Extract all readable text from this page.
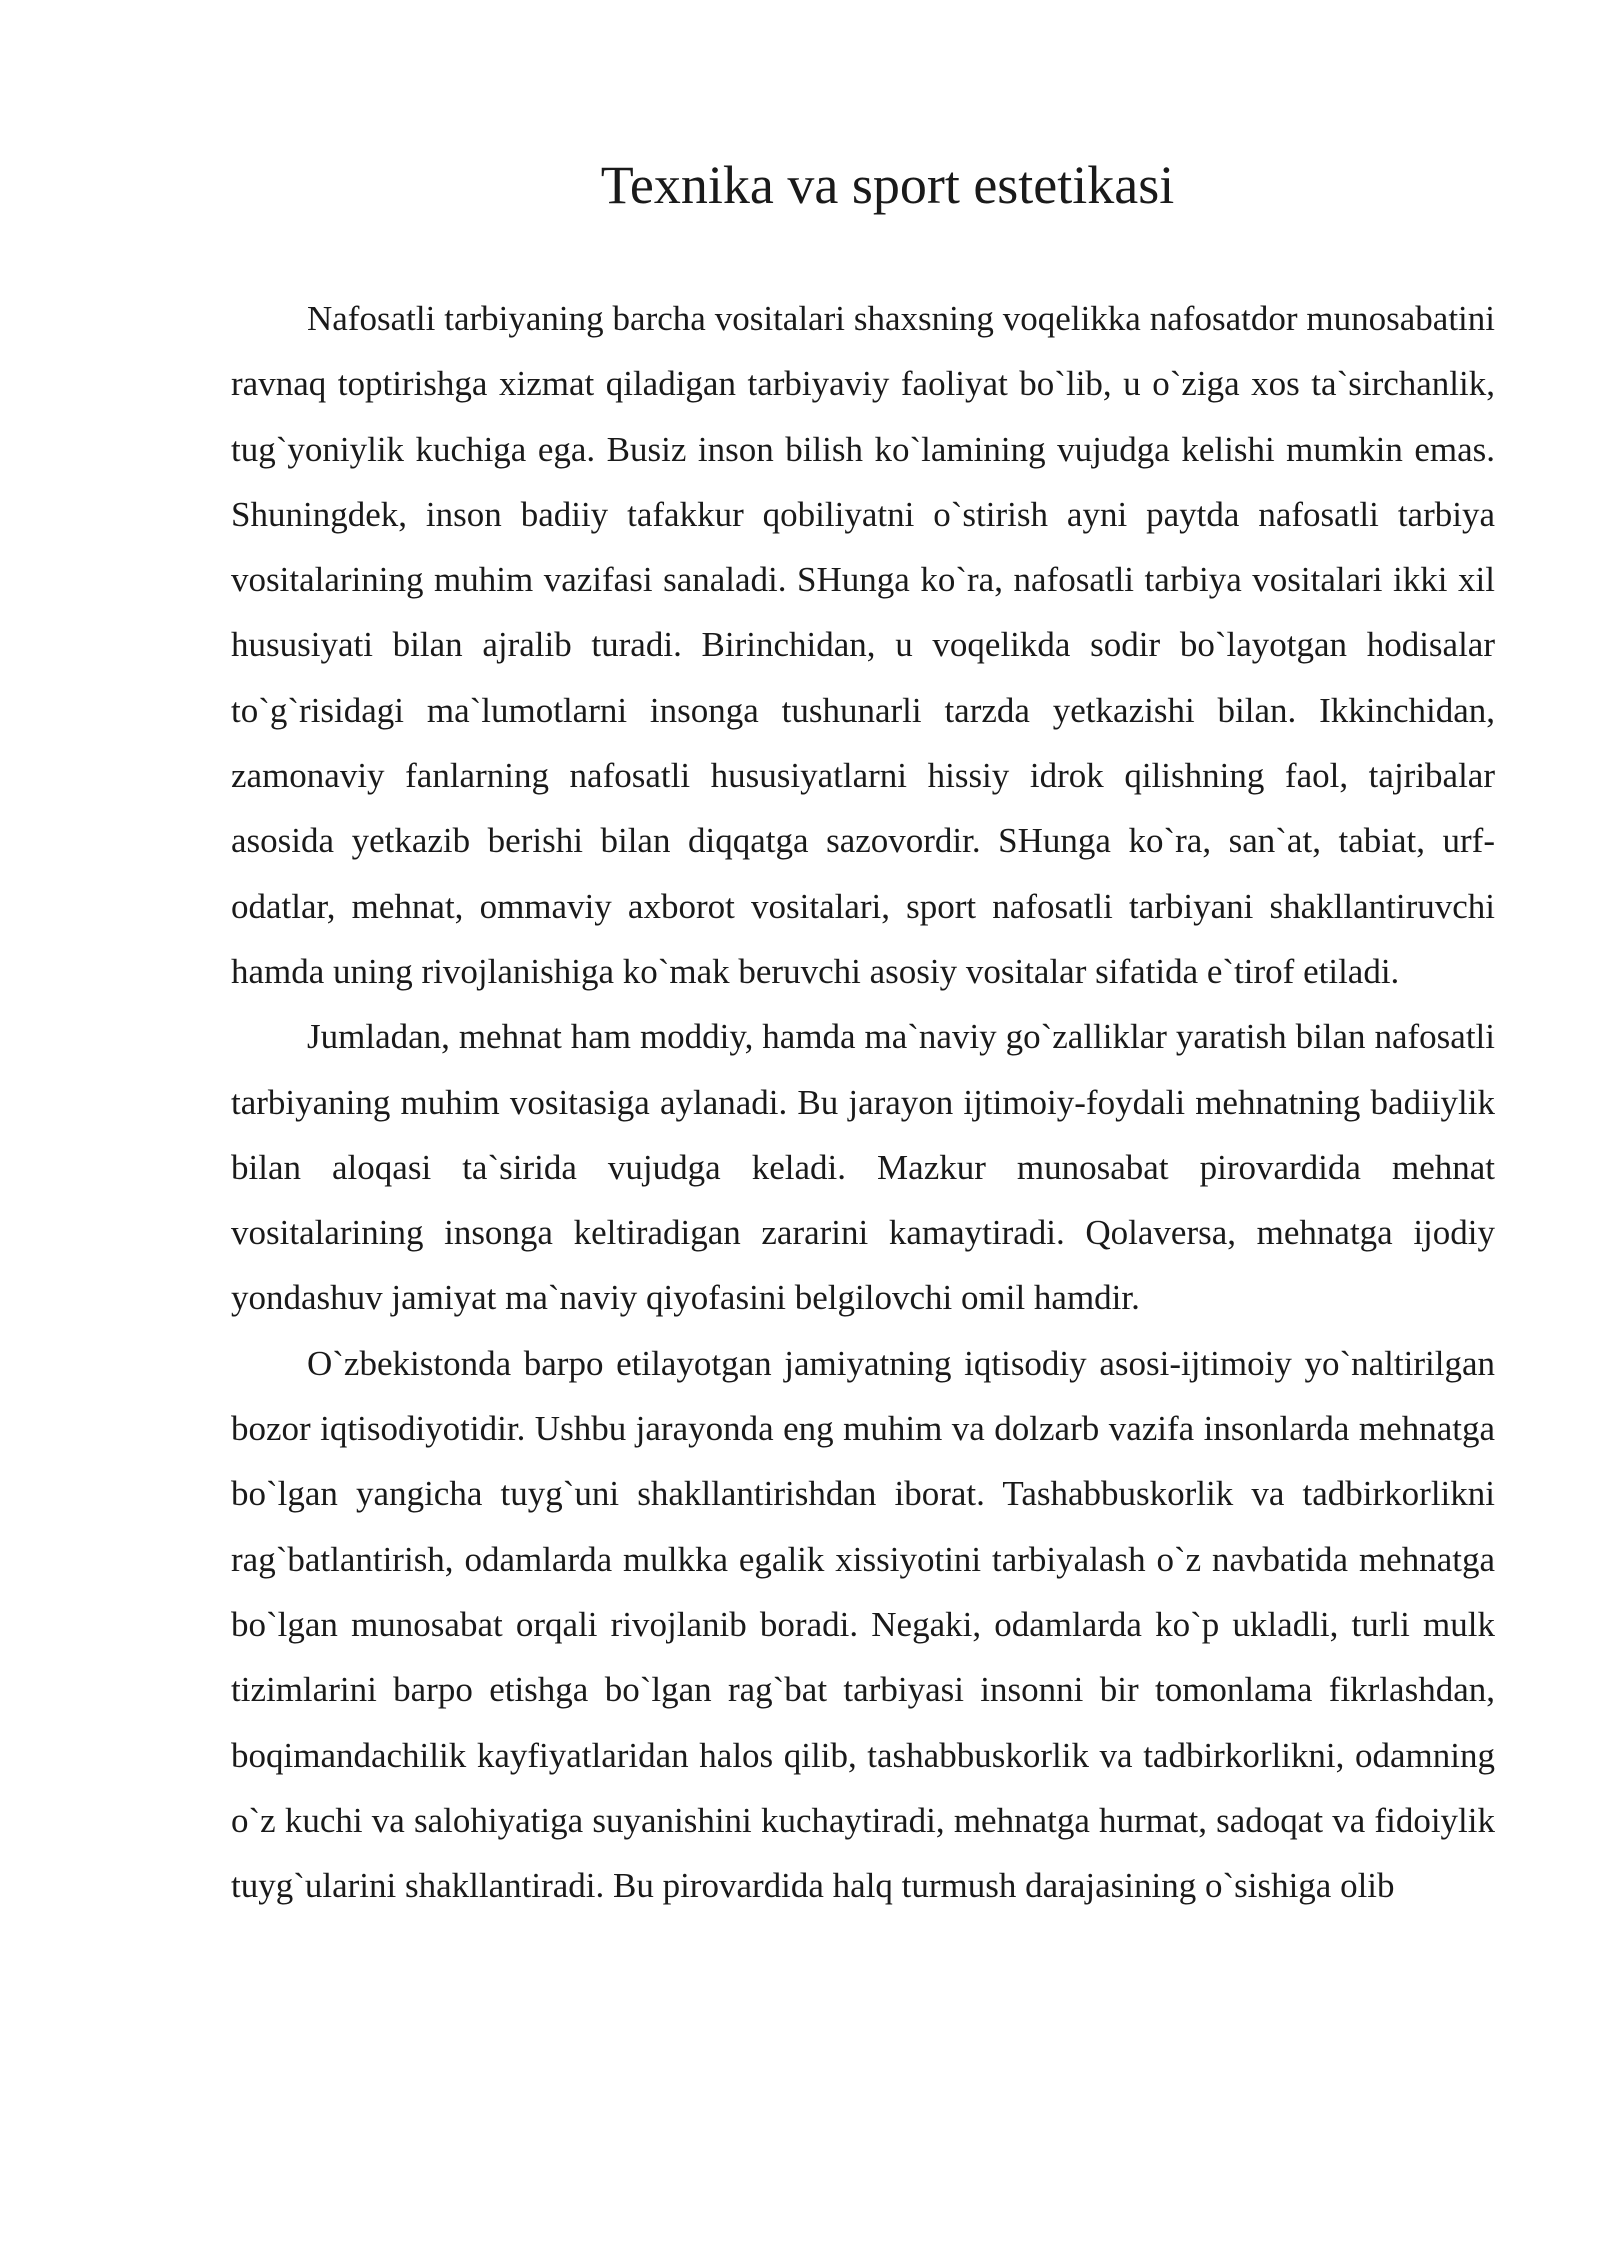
Texnika va sport estetikasi

Nafosatli tarbiyaning barcha vositalari shaxsning voqelikka nafosatdor munosabatini ravnaq toptirishga xizmat qiladigan tarbiyaviy faoliyat bo`lib, u o`ziga xos ta`sirchanlik, tug`yoniylik kuchiga ega. Busiz inson bilish ko`lamining vujudga kelishi mumkin emas. Shuningdek, inson badiiy tafakkur qobiliyatni o`stirish ayni paytda nafosatli tarbiya vositalarining muhim vazifasi sanaladi. SHunga ko`ra, nafosatli tarbiya vositalari ikki xil hususiyati bilan ajralib turadi. Birinchidan, u voqelikda sodir bo`layotgan hodisalar to`g`risidagi ma`lumotlarni insonga tushunarli tarzda yetkazishi bilan. Ikkinchidan, zamonaviy fanlarning nafosatli hususiyatlarni hissiy idrok qilishning faol, tajribalar asosida yetkazib berishi bilan diqqatga sazovordir. SHunga ko`ra, san`at, tabiat, urf-odatlar, mehnat, ommaviy axborot vositalari, sport nafosatli tarbiyani shakllantiruvchi hamda uning rivojlanishiga ko`mak beruvchi asosiy vositalar sifatida e`tirof etiladi.

Jumladan, mehnat ham moddiy, hamda ma`naviy go`zalliklar yaratish bilan nafosatli tarbiyaning muhim vositasiga aylanadi. Bu jarayon ijtimoiy-foydali mehnatning badiiylik bilan aloqasi ta`sirida vujudga keladi. Mazkur munosabat pirovardida mehnat vositalarining insonga keltiradigan zararini kamaytiradi. Qolaversa, mehnatga ijodiy yondashuv jamiyat ma`naviy qiyofasini belgilovchi omil hamdir.

O`zbekistonda barpo etilayotgan jamiyatning iqtisodiy asosi-ijtimoiy yo`naltirilgan bozor iqtisodiyotidir. Ushbu jarayonda eng muhim va dolzarb vazifa insonlarda mehnatga bo`lgan yangicha tuyg`uni shakllantirishdan iborat. Tashabbuskorlik va tadbirkorlikni rag`batlantirish, odamlarda mulkka egalik xissiyotini tarbiyalash o`z navbatida mehnatga bo`lgan munosabat orqali rivojlanib boradi. Negaki, odamlarda ko`p ukladli, turli mulk tizimlarini barpo etishga bo`lgan rag`bat tarbiyasi insonni bir tomonlama fikrlashdan, boqimandachilik kayfiyatlaridan halos qilib, tashabbuskorlik va tadbirkorlikni, odamning o`z kuchi va salohiyatiga suyanishini kuchaytiradi, mehnatga hurmat, sadoqat va fidoiylik tuyg`ularini shakllantiradi. Bu pirovardida halq turmush darajasining o`sishiga olib
